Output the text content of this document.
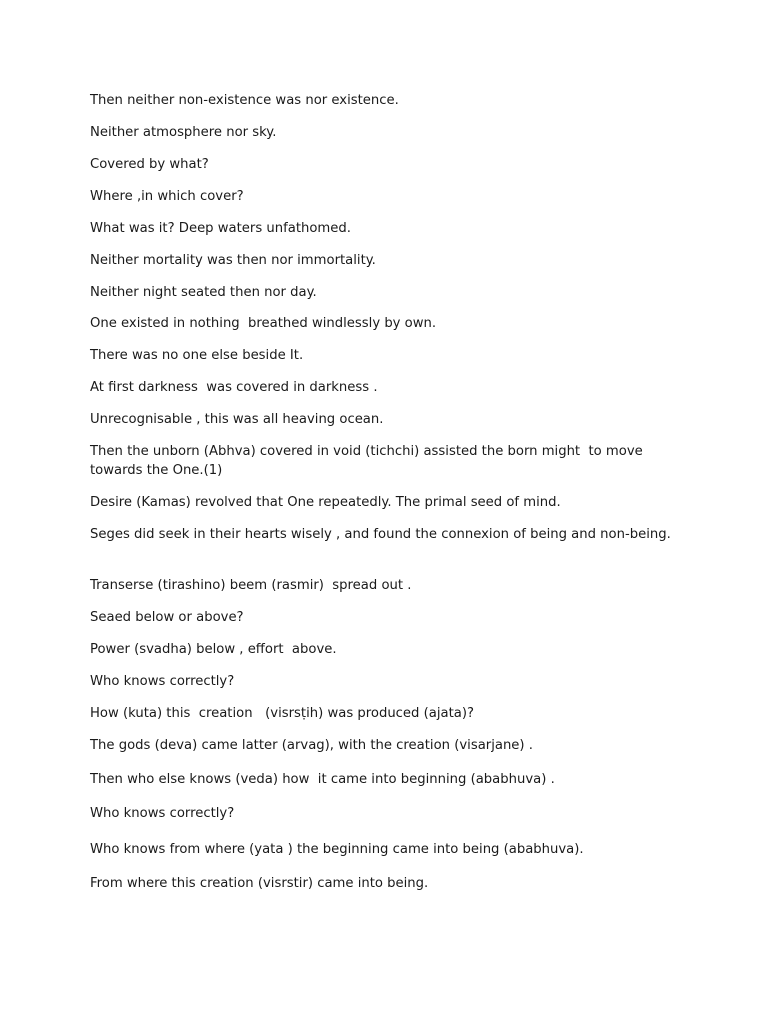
Then neither non-existence was nor existence.

Neither atmosphere nor sky.

Covered by what?

Where ,in which cover?

What was it? Deep waters unfathomed.

Neither mortality was then nor immortality.

Neither night seated then nor day.

One existed in nothing  breathed windlessly by own.

There was no one else beside It.

At first darkness  was covered in darkness .

Unrecognisable , this was all heaving ocean.

Then the unborn (Abhva) covered in void (tichchi) assisted the born might  to move towards the One.(1)

Desire (Kamas) revolved that One repeatedly. The primal seed of mind.

Seges did seek in their hearts wisely , and found the connexion of being and non-being.

Transerse (tirashino) beem (rasmir)  spread out .

Seaed below or above?

Power (svadha) below , effort  above.

Who knows correctly?

How (kuta) this  creation   (visrsṭih) was produced (ajata)?

The gods (deva) came latter (arvag), with the creation (visarjane) .

Then who else knows (veda) how  it came into beginning (ababhuva) .

Who knows correctly?

Who knows from where (yata ) the beginning came into being (ababhuva).

From where this creation (visrstir) came into being.
